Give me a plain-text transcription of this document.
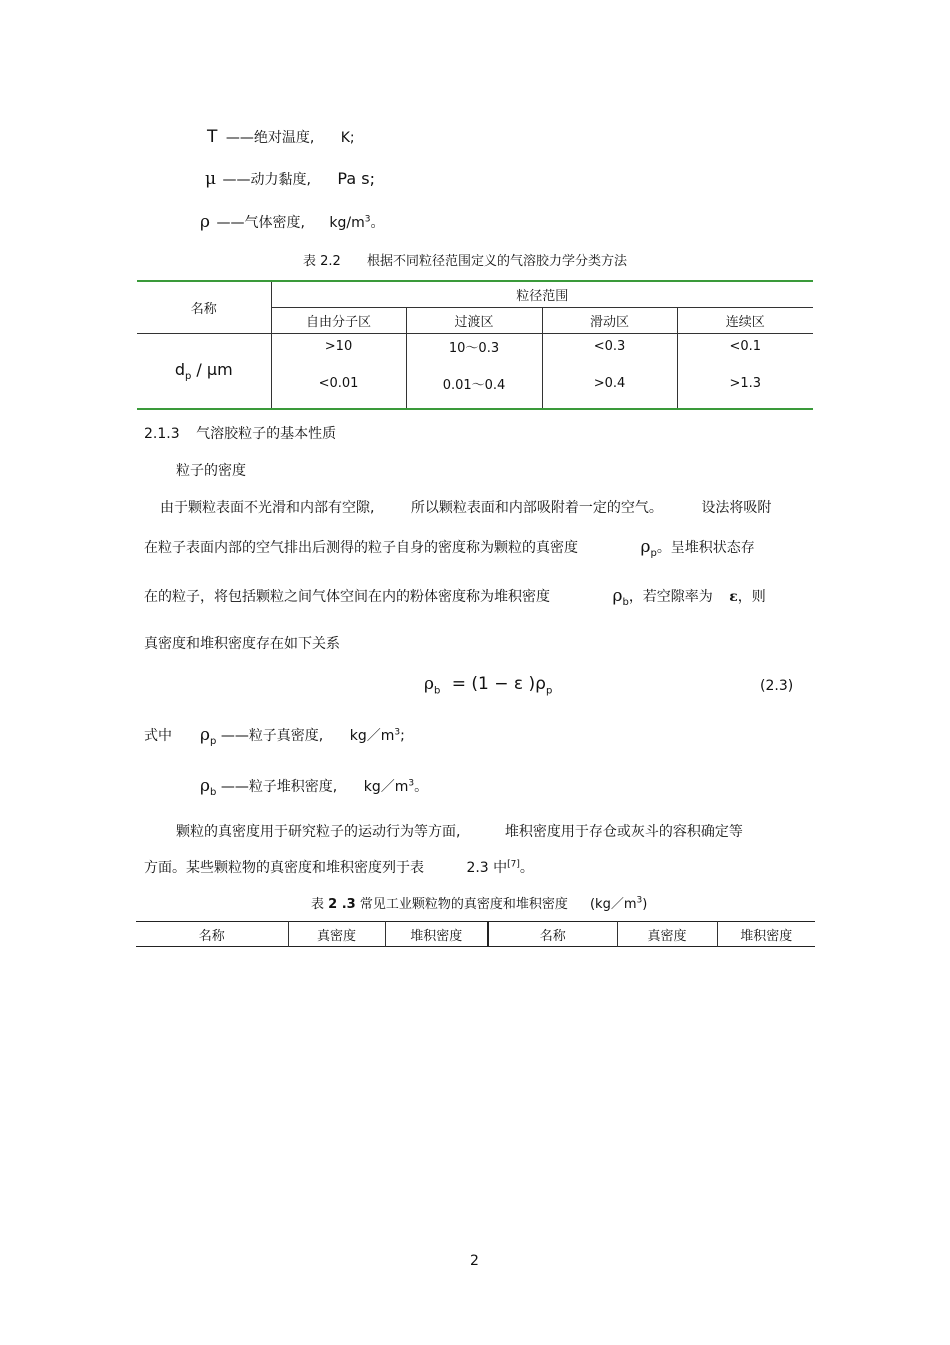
T ——绝对温度, K;
μ ——动力黏度, Pa s;
ρ ——气体密度, $kg/m^3$。
表 2.2 根据不同粒径范围定义的气溶胶力学分类方法
名称	粒径范围			
	自由分子区	过渡区	滑动区	连续区
$d_p$ / μm	>10	10～0.3	<0.3	<0.1
	<0.01	0.01～0.4	>0.4	>1.3
2.1.3 气溶胶粒子的基本性质
粒子的密度
由于颗粒表面不光滑和内部有空隙,	所以颗粒表面和内部吸附着一定的空气。	设法将吸附
在粒子表面内部的空气排出后测得的粒子自身的密度称为颗粒的真密度	$\rho_p$。呈堆积状态存
在的粒子，将包括颗粒之间气体空间在内的粉体密度称为堆积密度	$\rho_b$，若空隙率为 ε，则
真密度和堆积密度存在如下关系
$\rho_b = (1 - \varepsilon$ )$\rho_p$	(2.3)
式中 $\rho_p$ ——粒子真密度, $kg/m^3$;
$\rho_b$ ——粒子堆积密度, $kg/m^3$。
颗粒的真密度用于研究粒子的运动行为等方面,	堆积密度用于存仓或灰斗的容积确定等
方面。某些颗粒物的真密度和堆积密度列于表	2.3 中[7]。
表 2 .3 常见工业颗粒物的真密度和堆积密度 $(kg/m^3)$
名称	真密度	堆积密度	名称	真密度	堆积密度
2
